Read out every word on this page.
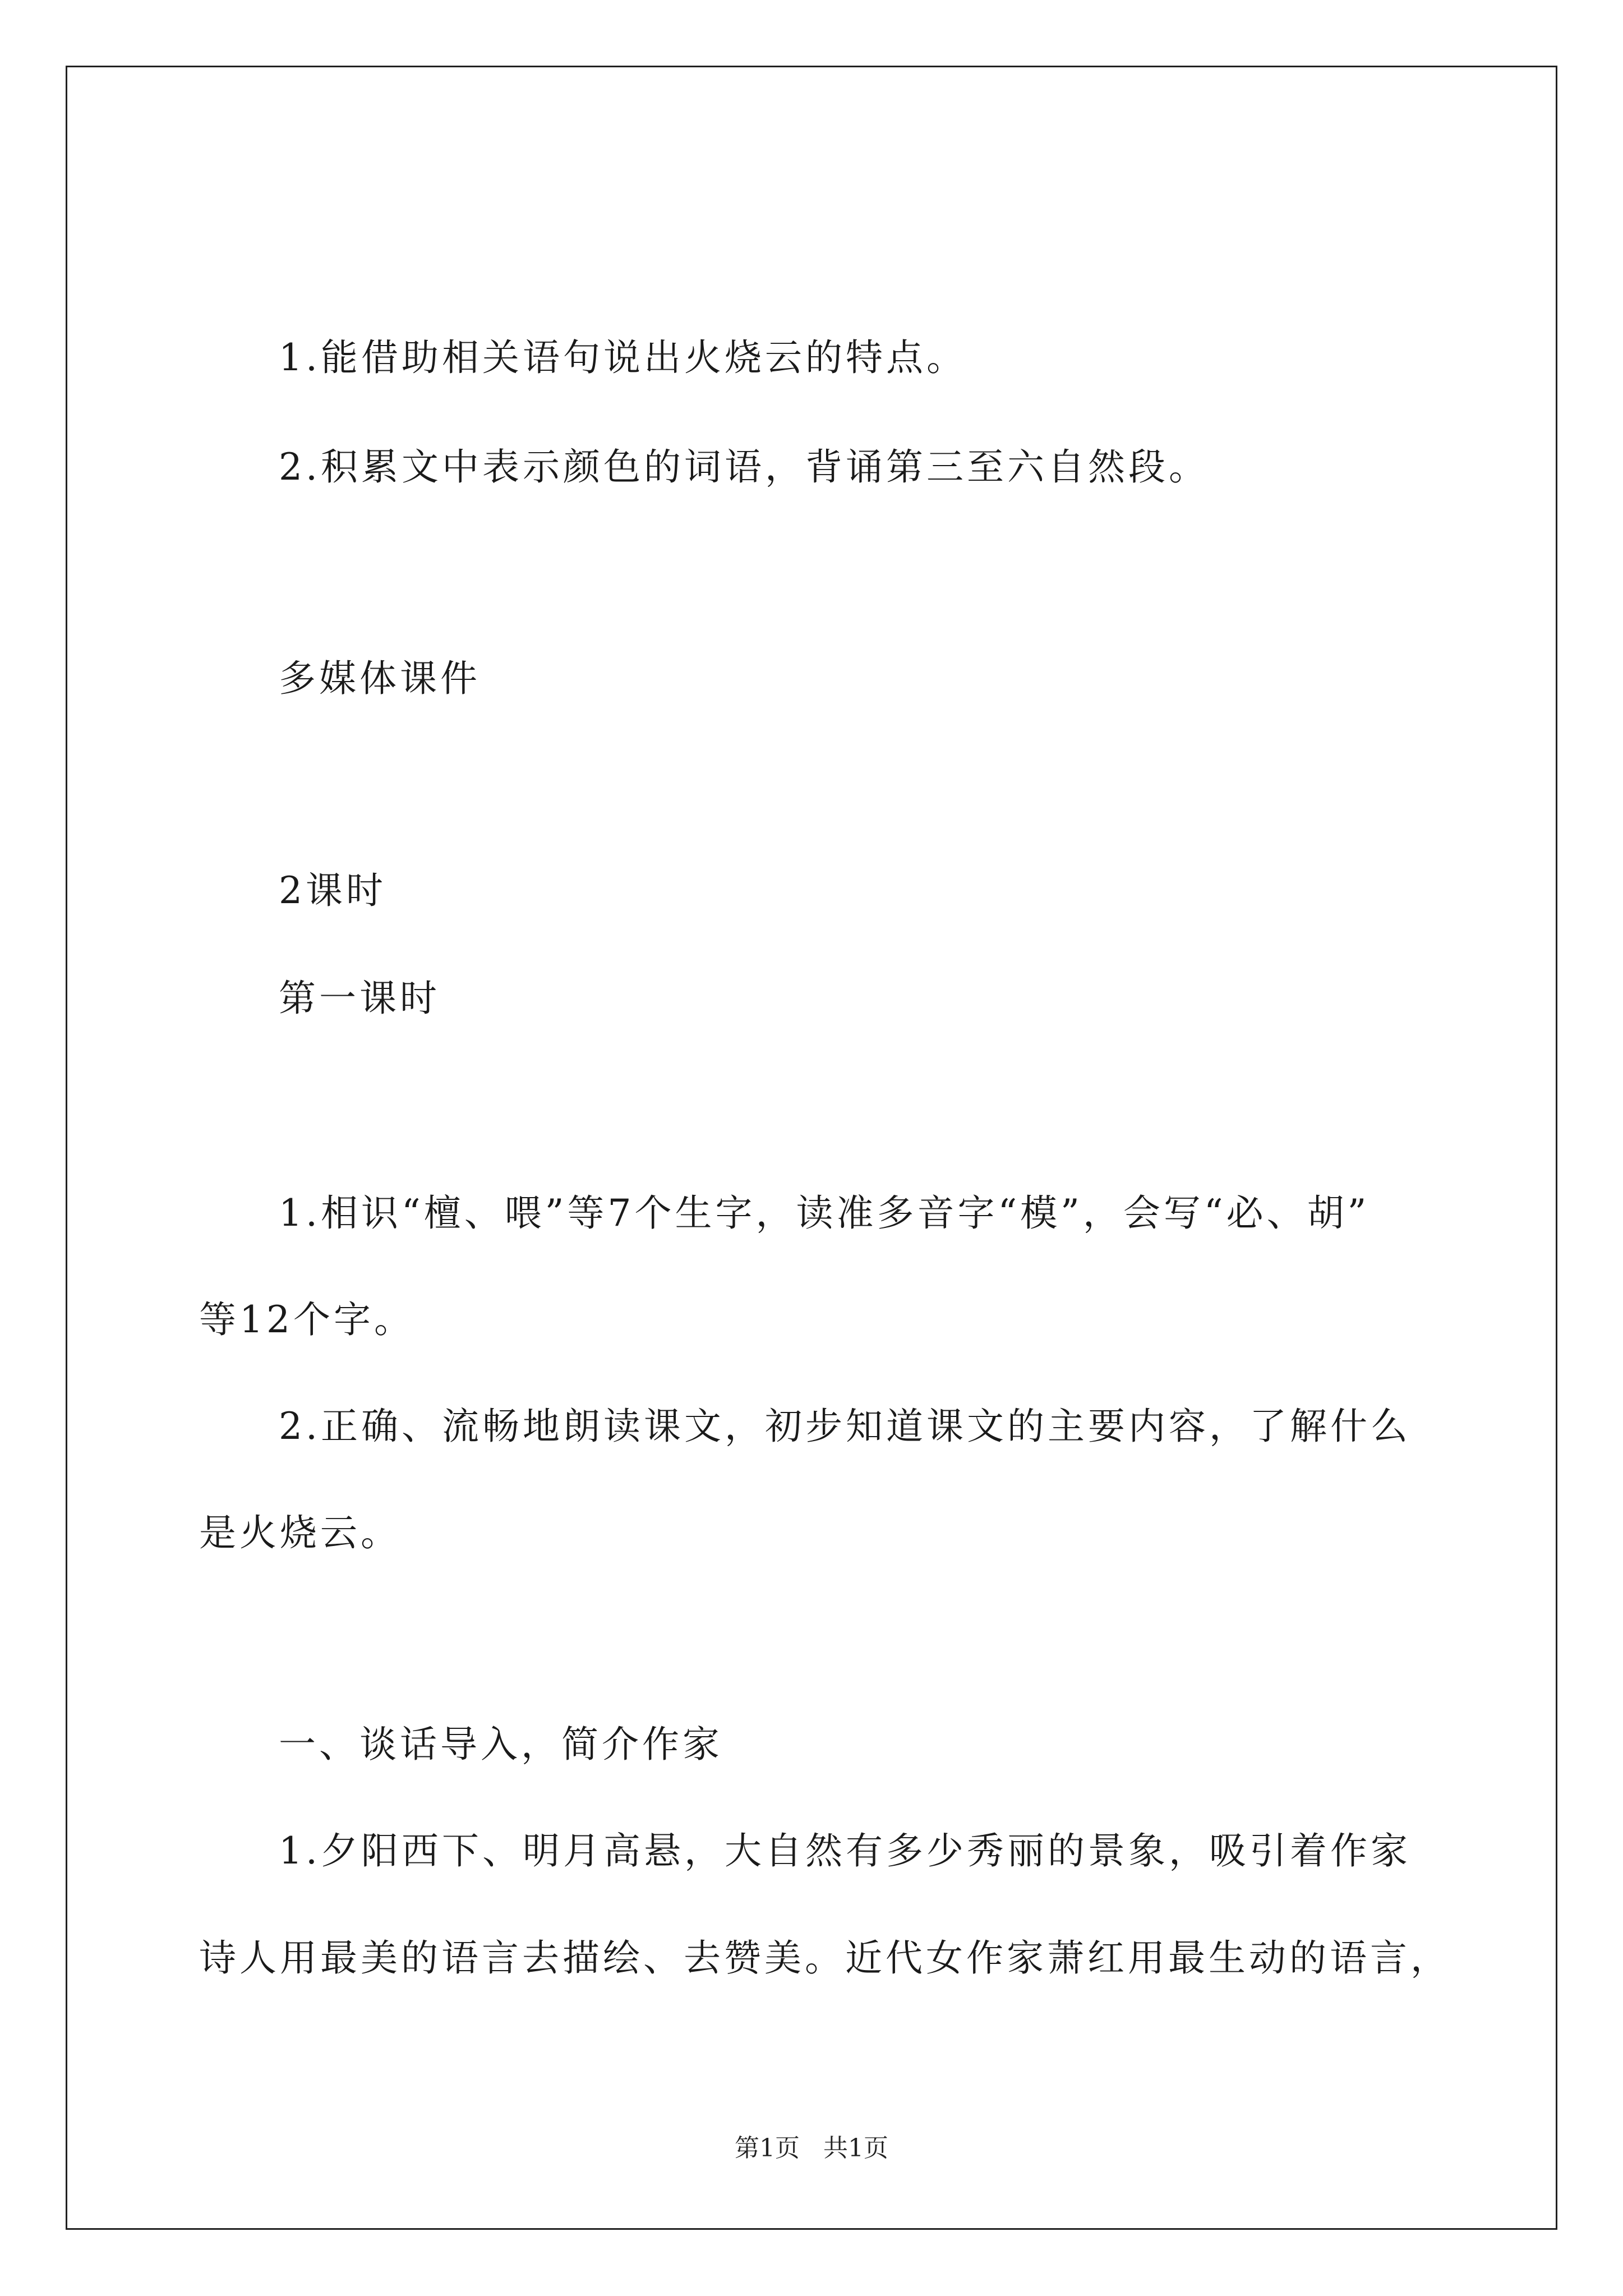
1.能借助相关语句说出火烧云的特点。
2.积累文中表示颜色的词语，背诵第三至六自然段。
多媒体课件
2课时
第一课时
1.相识“檀、喂”等7个生字，读准多音字“模”，会写“必、胡”
等12个字。
2.正确、流畅地朗读课文，初步知道课文的主要内容，了解什么
是火烧云。
一、谈话导入，简介作家
1.夕阳西下、明月高悬，大自然有多少秀丽的景象，吸引着作家
诗人用最美的语言去描绘、去赞美。近代女作家萧红用最生动的语言，
第1页   共1页
